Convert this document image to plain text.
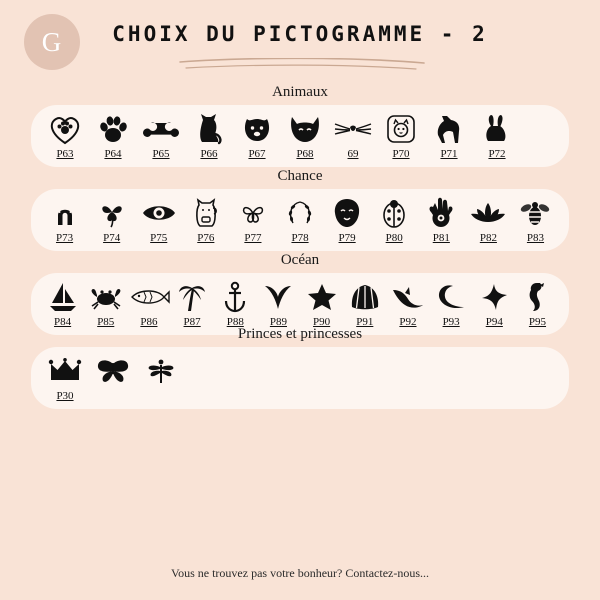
G	CHOIX DU PICTOGRAMME - 2
Animaux
P63	P64	P65	P66	P67	P68	69	P70	P71	P72
Chance
P73	P74	P75	P76	P77	P78	P79	P80	P81	P82	P83
Océan
P84 P85 P86 P87 P88 P89 P90 P91 P92 P93 P94 P95
Princes et princesses
P30
Vous ne trouvez pas votre bonheur? Contactez-nous...
